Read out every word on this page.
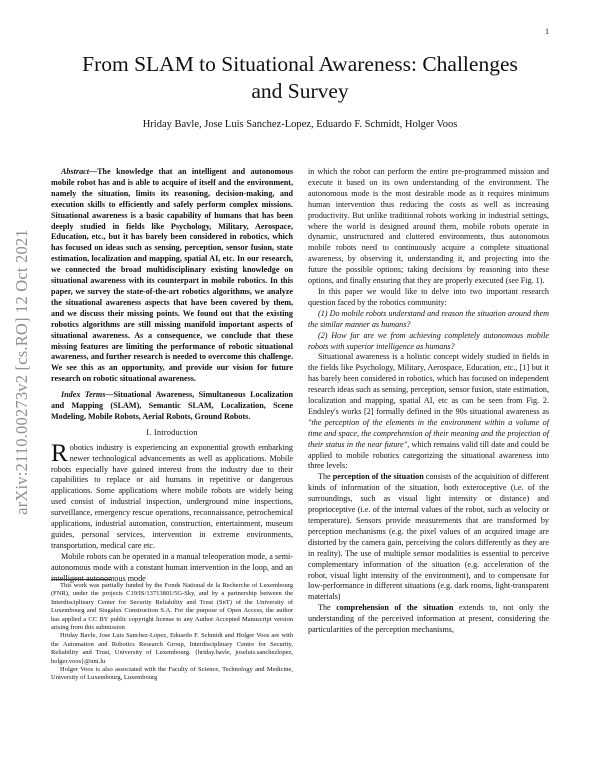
1
arXiv:2110.00273v2 [cs.RO] 12 Oct 2021
From SLAM to Situational Awareness: Challenges
and Survey
Hriday Bavle, Jose Luis Sanchez-Lopez, Eduardo F. Schmidt, Holger Voos

Abstract—The knowledge that an intelligent and autonomous mobile robot has and is able to acquire of itself and the environment, namely the situation, limits its reasoning, decision-making, and execution skills to efficiently and safely perform complex missions. Situational awareness is a basic capability of humans that has been deeply studied in fields like Psychology, Military, Aerospace, Education, etc., but it has barely been considered in robotics, which has focused on ideas such as sensing, perception, sensor fusion, state estimation, localization and mapping, spatial AI, etc. In our research, we connected the broad multidisciplinary existing knowledge on situational awareness with its counterpart in mobile robotics. In this paper, we survey the state-of-the-art robotics algorithms, we analyze the situational awareness aspects that have been covered by them, and we discuss their missing points. We found out that the existing robotics algorithms are still missing manifold important aspects of situational awareness. As a consequence, we conclude that these missing features are limiting the performance of robotic situational awareness, and further research is needed to overcome this challenge. We see this as an opportunity, and provide our vision for future research on robotic situational awareness.

Index Terms—Situational Awareness, Simultaneous Localization and Mapping (SLAM), Semantic SLAM, Localization, Scene Modeling, Mobile Robots, Aerial Robots, Ground Robots.

I. Introduction

Robotics industry is experiencing an exponential growth embarking newer technological advancements as well as applications. Mobile robots especially have gained interest from the industry due to their capabilities to replace or aid humans in repetitive or dangerous applications. Some applications where mobile robots are widely being used consist of industrial inspection, underground mine inspections, surveillance, emergency rescue operations, reconnaissance, petrochemical applications, industrial automation, construction, entertainment, museum guides, personal services, intervention in extreme environments, transportation, medical care etc.

Mobile robots can be operated in a manual teleoperation mode, a semi-autonomous mode with a constant human intervention in the loop, and an intelligent autonomous mode

This work was partially funded by the Fonds National de la Recherche of Luxembourg (FNR), under the projects C19/IS/13713801/5G-Sky, and by a partnership between the Interdisciplinary Center for Security Reliability and Trust (SnT) of the University of Luxembourg and Stugalux Construction S.A. For the purpose of Open Access, the author has applied a CC BY public copyright license to any Author Accepted Manuscript version arising from this submission

Hriday Bavle, Jose Luis Sanchez-Lopez, Eduardo F. Schmidt and Holger Voos are with the Automation and Robotics Research Group, Interdisciplinary Centre for Security, Reliability and Trust, University of Luxembourg. {hriday.bavle, joseluis.sanchezlopez, holger.voos}@uni.lu

Holger Voos is also associated with the Faculty of Science, Technology and Medicine, University of Luxembourg, Luxembourg

in which the robot can perform the entire pre-programmed mission and execute it based on its own understanding of the environment. The autonomous mode is the most desirable mode as it requires minimum human intervention thus reducing the costs as well as increasing productivity. But unlike traditional robots working in industrial settings, where the world is designed around them, mobile robots operate in dynamic, unstructured and cluttered environments, thus autonomous mobile robots need to continuously acquire a complete situational awareness, by observing it, understanding it, and projecting into the future the possible options; taking decisions by reasoning into these options, and finally ensuring that they are properly executed (see Fig. 1).

In this paper we would like to delve into two important research question faced by the robotics community:

(1) Do mobile robots understand and reason the situation around them the similar manner as humans?

(2) How far are we from achieving completely autonomous mobile robots with superior intelligence as humans?

Situational awareness is a holistic concept widely studied in fields in the fields like Psychology, Military, Aerospace, Education, etc., [1] but it has barely been considered in robotics, which has focused on independent research ideas such as sensing, perception, sensor fusion, state estimation, localization and mapping, spatial AI, etc as can be seen from Fig. 2. Endsley's works [2] formally defined in the 90s situational awareness as "the perception of the elements in the environment within a volume of time and space, the comprehension of their meaning and the projection of their status in the near future", which remains valid till date and could be applied to mobile robotics categorizing the situational awareness into three levels:

The perception of the situation consists of the acquisition of different kinds of information of the situation, both exteroceptive (i.e. of the surroundings, such as visual light intensity or distance) and proprioceptive (i.e. of the internal values of the robot, such as velocity or temperature). Sensors provide measurements that are transformed by perception mechanisms (e.g. the pixel values of an acquired image are distorted by the camera gain, perceiving the colors differently as they are in reality). The use of multiple sensor modalities is essential to perceive complementary information of the situation (e.g. acceleration of the robot, visual light intensity of the environment), and to compensate for low-performance in different situations (e.g. dark rooms, light-transparent materials)

The comprehension of the situation extends to, not only the understanding of the perceived information at present, considering the particularities of the perception mechanisms,
